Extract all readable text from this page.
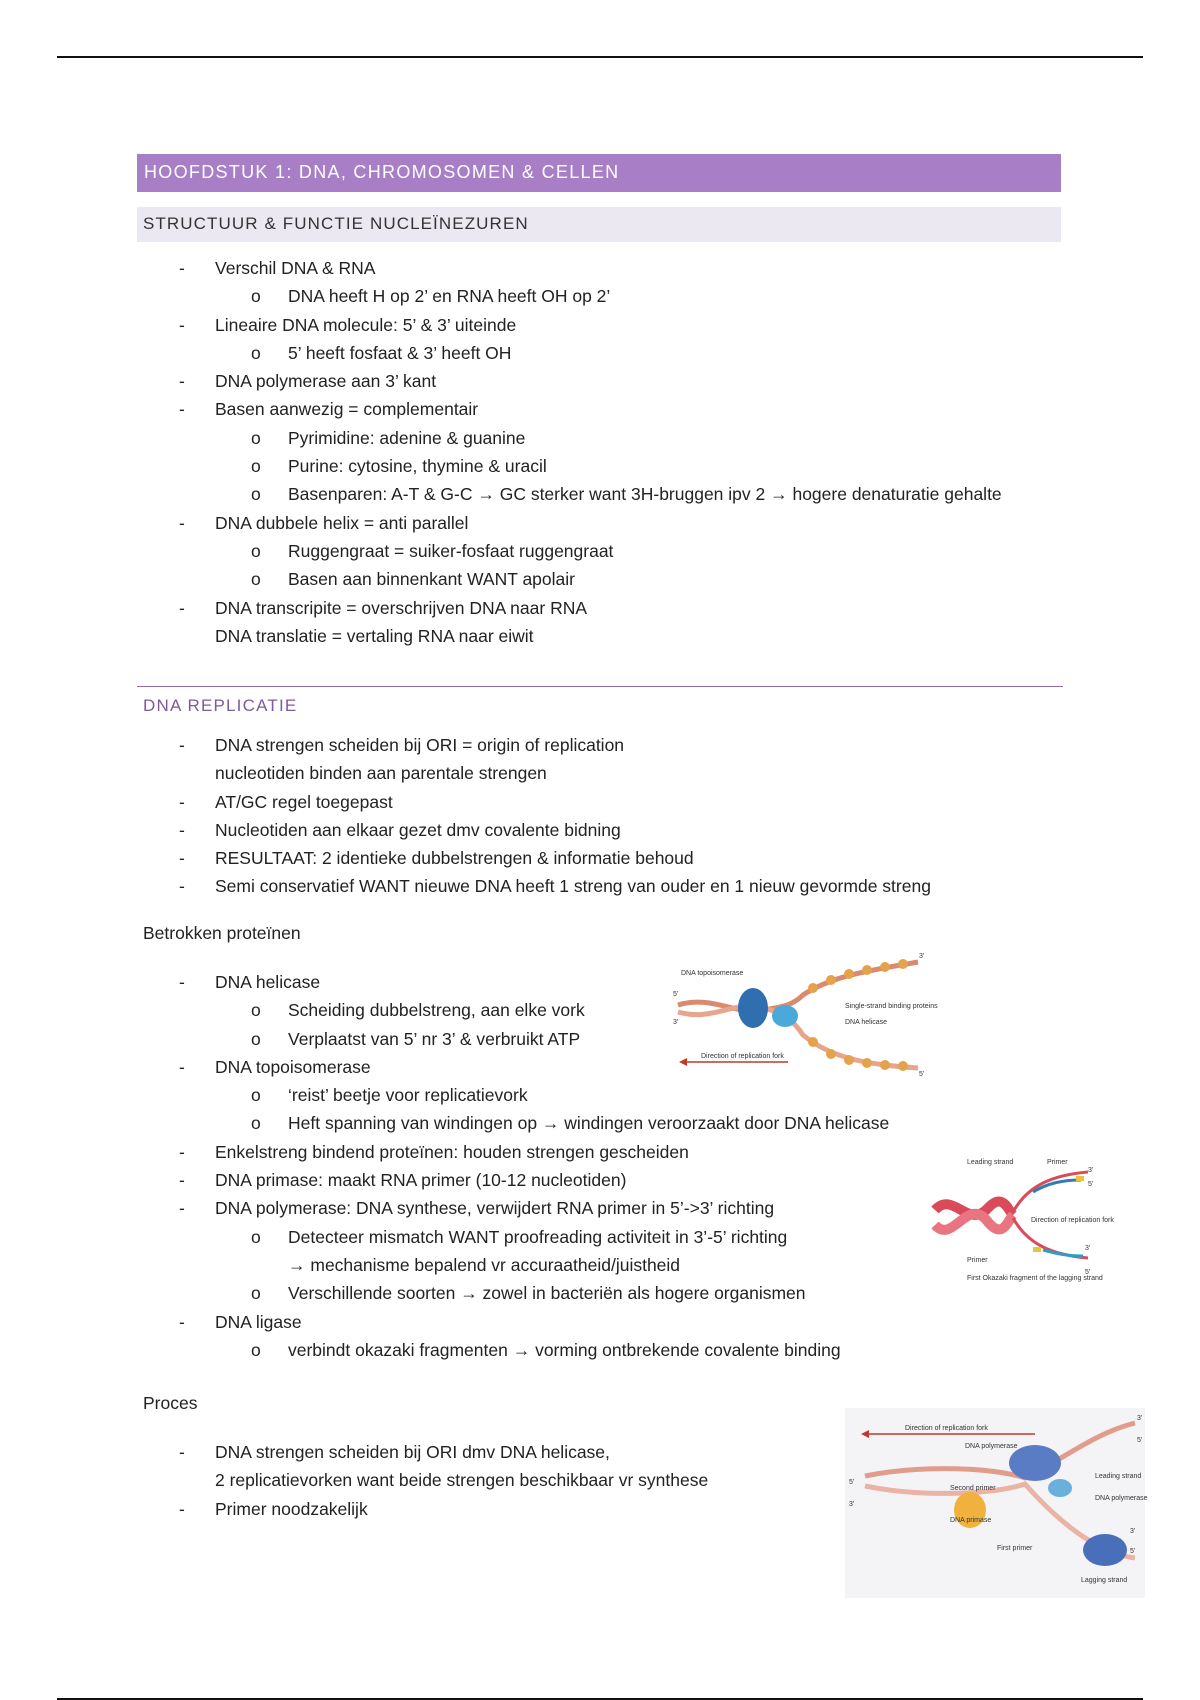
HOOFDSTUK 1: DNA, CHROMOSOMEN & CELLEN
STRUCTUUR & FUNCTIE NUCLEÏNEZUREN
- Verschil DNA & RNA
o DNA heeft H op 2’ en RNA heeft OH op 2’
- Lineaire DNA molecule: 5’ & 3’ uiteinde
o 5’ heeft fosfaat & 3’ heeft OH
- DNA polymerase aan 3’ kant
- Basen aanwezig = complementair
o Pyrimidine: adenine & guanine
o Purine: cytosine, thymine & uracil
o Basenparen: A-T & G-C → GC sterker want 3H-bruggen ipv 2 → hogere denaturatie gehalte
- DNA dubbele helix = anti parallel
o Ruggengraat = suiker-fosfaat ruggengraat
o Basen aan binnenkant WANT apolair
- DNA transcripite = overschrijven DNA naar RNA
DNA translatie = vertaling RNA naar eiwit
DNA REPLICATIE
- DNA strengen scheiden bij ORI = origin of replication
nucleotiden binden aan parentale strengen
- AT/GC regel toegepast
- Nucleotiden aan elkaar gezet dmv covalente bidning
- RESULTAAT: 2 identieke dubbelstrengen & informatie behoud
- Semi conservatief WANT nieuwe DNA heeft 1 streng van ouder en 1 nieuw gevormde streng
Betrokken proteïnen
- DNA helicase
o Scheiding dubbelstreng, aan elke vork
o Verplaatst van 5’ nr 3’ & verbruikt ATP
- DNA topoisomerase
o ‘reist’ beetje voor replicatievork
o Heft spanning van windingen op → windingen veroorzaakt door DNA helicase
- Enkelstreng bindend proteïnen: houden strengen gescheiden
- DNA primase: maakt RNA primer (10-12 nucleotiden)
- DNA polymerase: DNA synthese, verwijdert RNA primer in 5’->3’ richting
o Detecteer mismatch WANT proofreading activiteit in 3’-5’ richting
→ mechanisme bepalend vr accuraatheid/juistheid
o Verschillende soorten → zowel in bacteriën als hogere organismen
- DNA ligase
o verbindt okazaki fragmenten → vorming ontbrekende covalente binding
Proces
- DNA strengen scheiden bij ORI dmv DNA helicase,
2 replicatievorken want beide strengen beschikbaar vr synthese
- Primer noodzakelijk
DNA topoisomerase
Single-strand binding proteins
DNA helicase
Direction of replication fork
5'
3'
3'
5'
Leading strand	Primer
Direction of replication fork
Primer
First Okazaki fragment of the lagging strand
3'
5'
3'
5'
Direction of replication fork
DNA polymerase
Leading strand
DNA polymerase
Second primer
DNA primase
First primer
Lagging strand
3'
5'
5'
3'
3'
5'
